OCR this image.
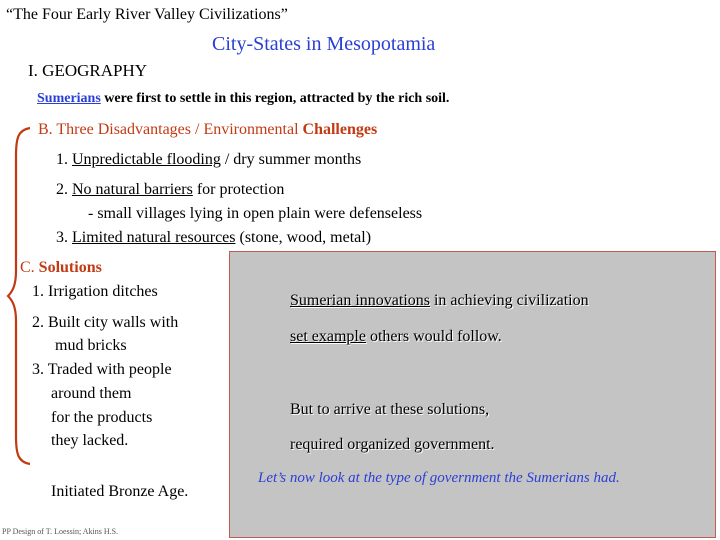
“The Four Early River Valley Civilizations”
City-States in Mesopotamia
I. GEOGRAPHY
Sumerians were first to settle in this region, attracted by the rich soil.
B. Three Disadvantages / Environmental Challenges
1. Unpredictable flooding / dry summer months
2. No natural barriers for protection
- small villages lying in open plain were defenseless
3. Limited natural resources (stone, wood, metal)
C. Solutions
1. Irrigation ditches
2. Built city walls with
mud bricks
3. Traded with people
around them
for the products
they lacked.
Initiated Bronze Age.
Sumerian innovations in achieving civilization
set example others would follow.
But to arrive at these solutions,
required organized government.
Let’s now look at the type of government the Sumerians had.
PP Design of T. Loessin; Akins H.S.
